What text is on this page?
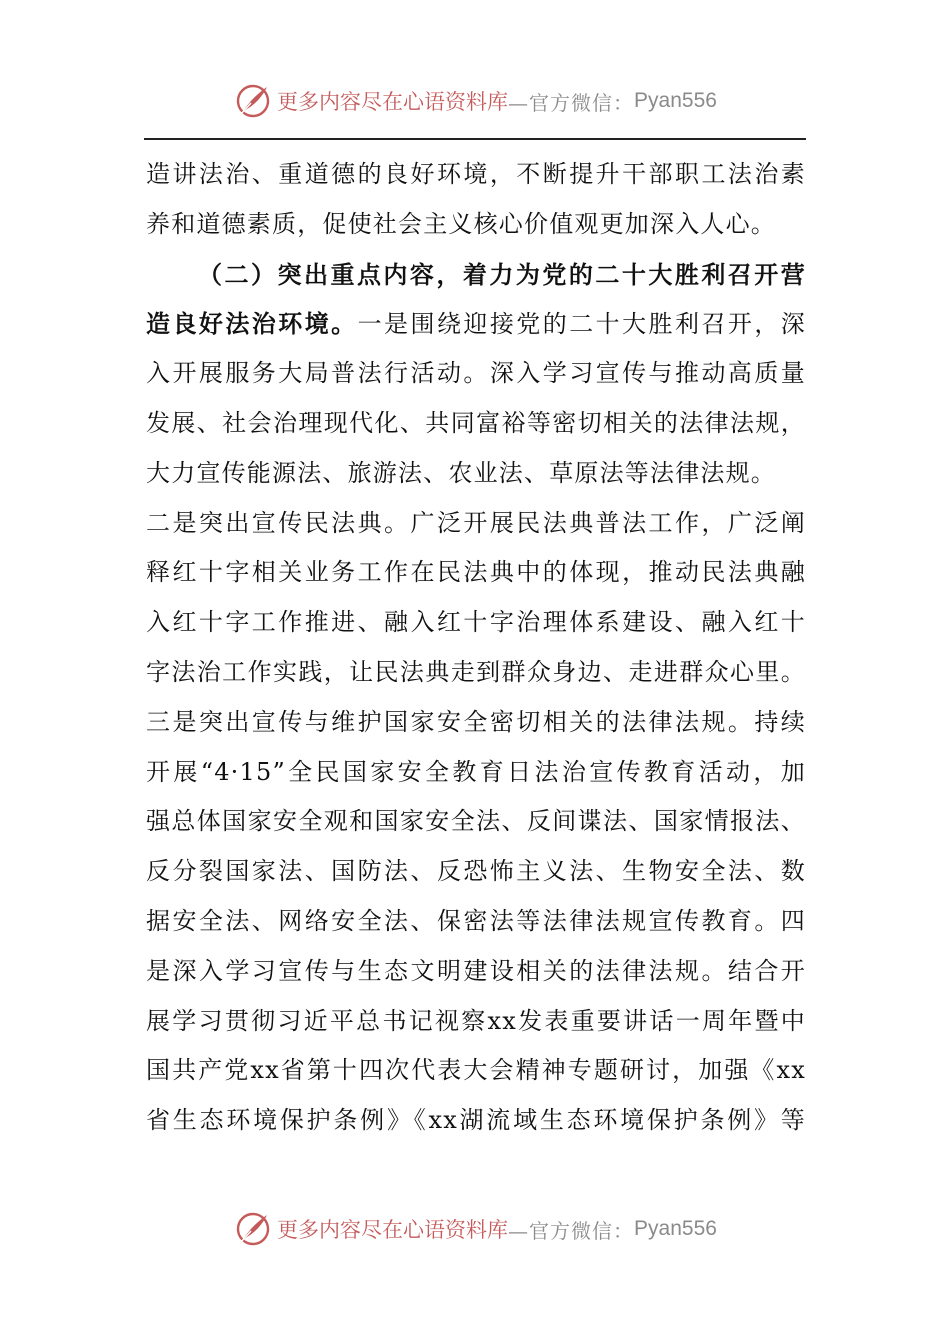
更多内容尽在心语资料库 —官方微信： Pyan556
造讲法治、重道德的良好环境，不断提升干部职工法治素
养和道德素质，促使社会主义核心价值观更加深入人心。
（二）突出重点内容，着力为党的二十大胜利召开营
造良好法治环境。一是围绕迎接党的二十大胜利召开，深
入开展服务大局普法行活动。深入学习宣传与推动高质量
发展、社会治理现代化、共同富裕等密切相关的法律法规，
大力宣传能源法、旅游法、农业法、草原法等法律法规。
二是突出宣传民法典。广泛开展民法典普法工作，广泛阐
释红十字相关业务工作在民法典中的体现，推动民法典融
入红十字工作推进、融入红十字治理体系建设、融入红十
字法治工作实践，让民法典走到群众身边、走进群众心里。
三是突出宣传与维护国家安全密切相关的法律法规。持续
开展“4·15”全民国家安全教育日法治宣传教育活动，加
强总体国家安全观和国家安全法、反间谍法、国家情报法、
反分裂国家法、国防法、反恐怖主义法、生物安全法、数
据安全法、网络安全法、保密法等法律法规宣传教育。四
是深入学习宣传与生态文明建设相关的法律法规。结合开
展学习贯彻习近平总书记视察xx发表重要讲话一周年暨中
国共产党xx省第十四次代表大会精神专题研讨，加强《xx
省生态环境保护条例》《xx湖流域生态环境保护条例》等
更多内容尽在心语资料库 —官方微信： Pyan556
